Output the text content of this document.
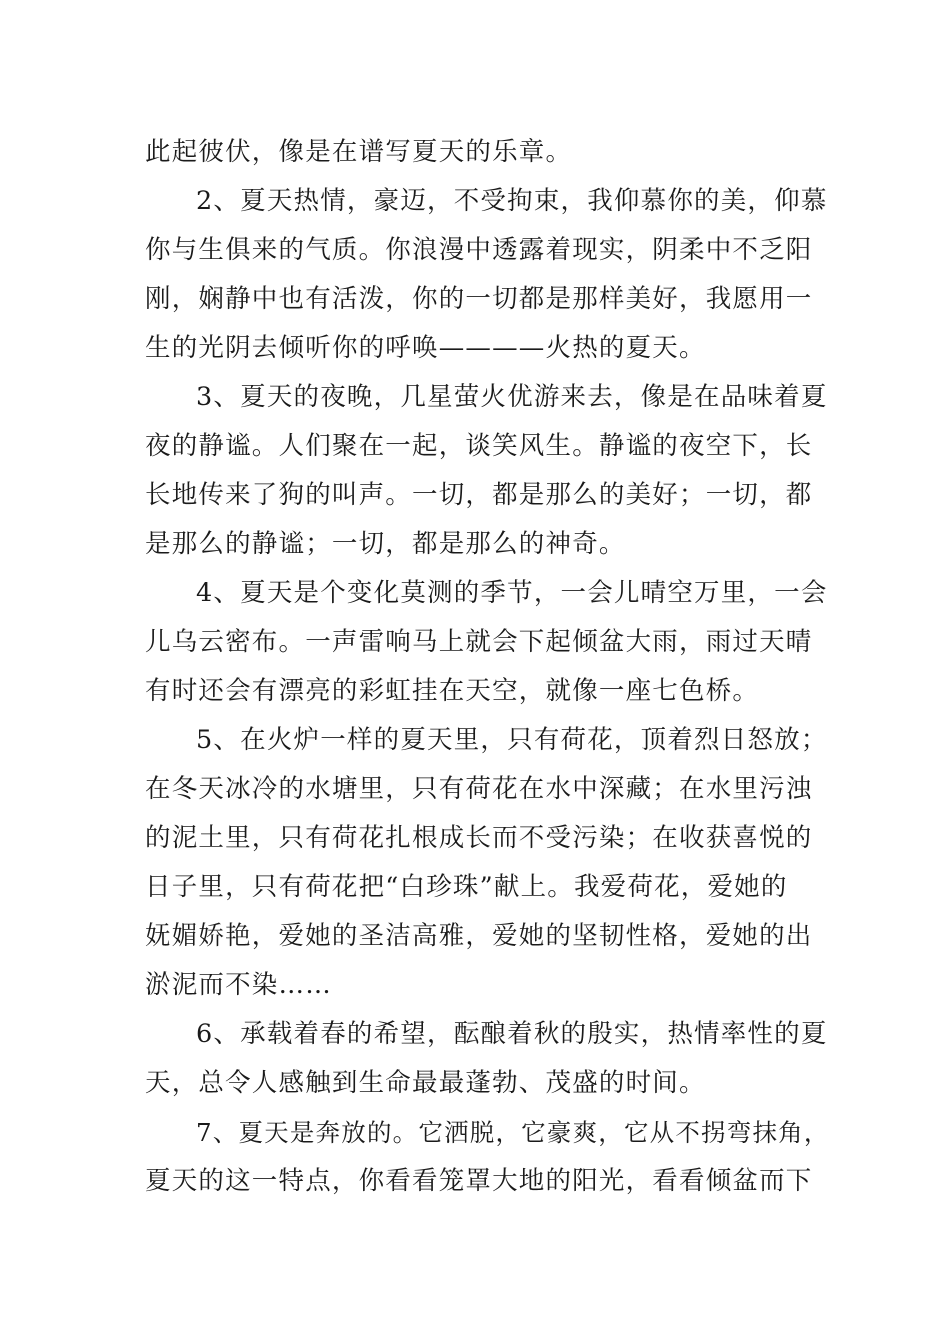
此起彼伏，像是在谱写夏天的乐章。
2、夏天热情，豪迈，不受拘束，我仰慕你的美，仰慕
你与生俱来的气质。你浪漫中透露着现实，阴柔中不乏阳
刚，娴静中也有活泼，你的一切都是那样美好，我愿用一
生的光阴去倾听你的呼唤————火热的夏天。
3、夏天的夜晚，几星萤火优游来去，像是在品味着夏
夜的静谧。人们聚在一起，谈笑风生。静谧的夜空下，长
长地传来了狗的叫声。一切，都是那么的美好；一切，都
是那么的静谧；一切，都是那么的神奇。
4、夏天是个变化莫测的季节，一会儿晴空万里，一会
儿乌云密布。一声雷响马上就会下起倾盆大雨，雨过天晴
有时还会有漂亮的彩虹挂在天空，就像一座七色桥。
5、在火炉一样的夏天里，只有荷花，顶着烈日怒放；
在冬天冰冷的水塘里，只有荷花在水中深藏；在水里污浊
的泥土里，只有荷花扎根成长而不受污染；在收获喜悦的
日子里，只有荷花把“白珍珠”献上。我爱荷花，爱她的
妩媚娇艳，爱她的圣洁高雅，爱她的坚韧性格，爱她的出
淤泥而不染……
6、承载着春的希望，酝酿着秋的殷实，热情率性的夏
天，总令人感触到生命最最蓬勃、茂盛的时间。
7、夏天是奔放的。它洒脱，它豪爽，它从不拐弯抹角，
夏天的这一特点，你看看笼罩大地的阳光，看看倾盆而下
